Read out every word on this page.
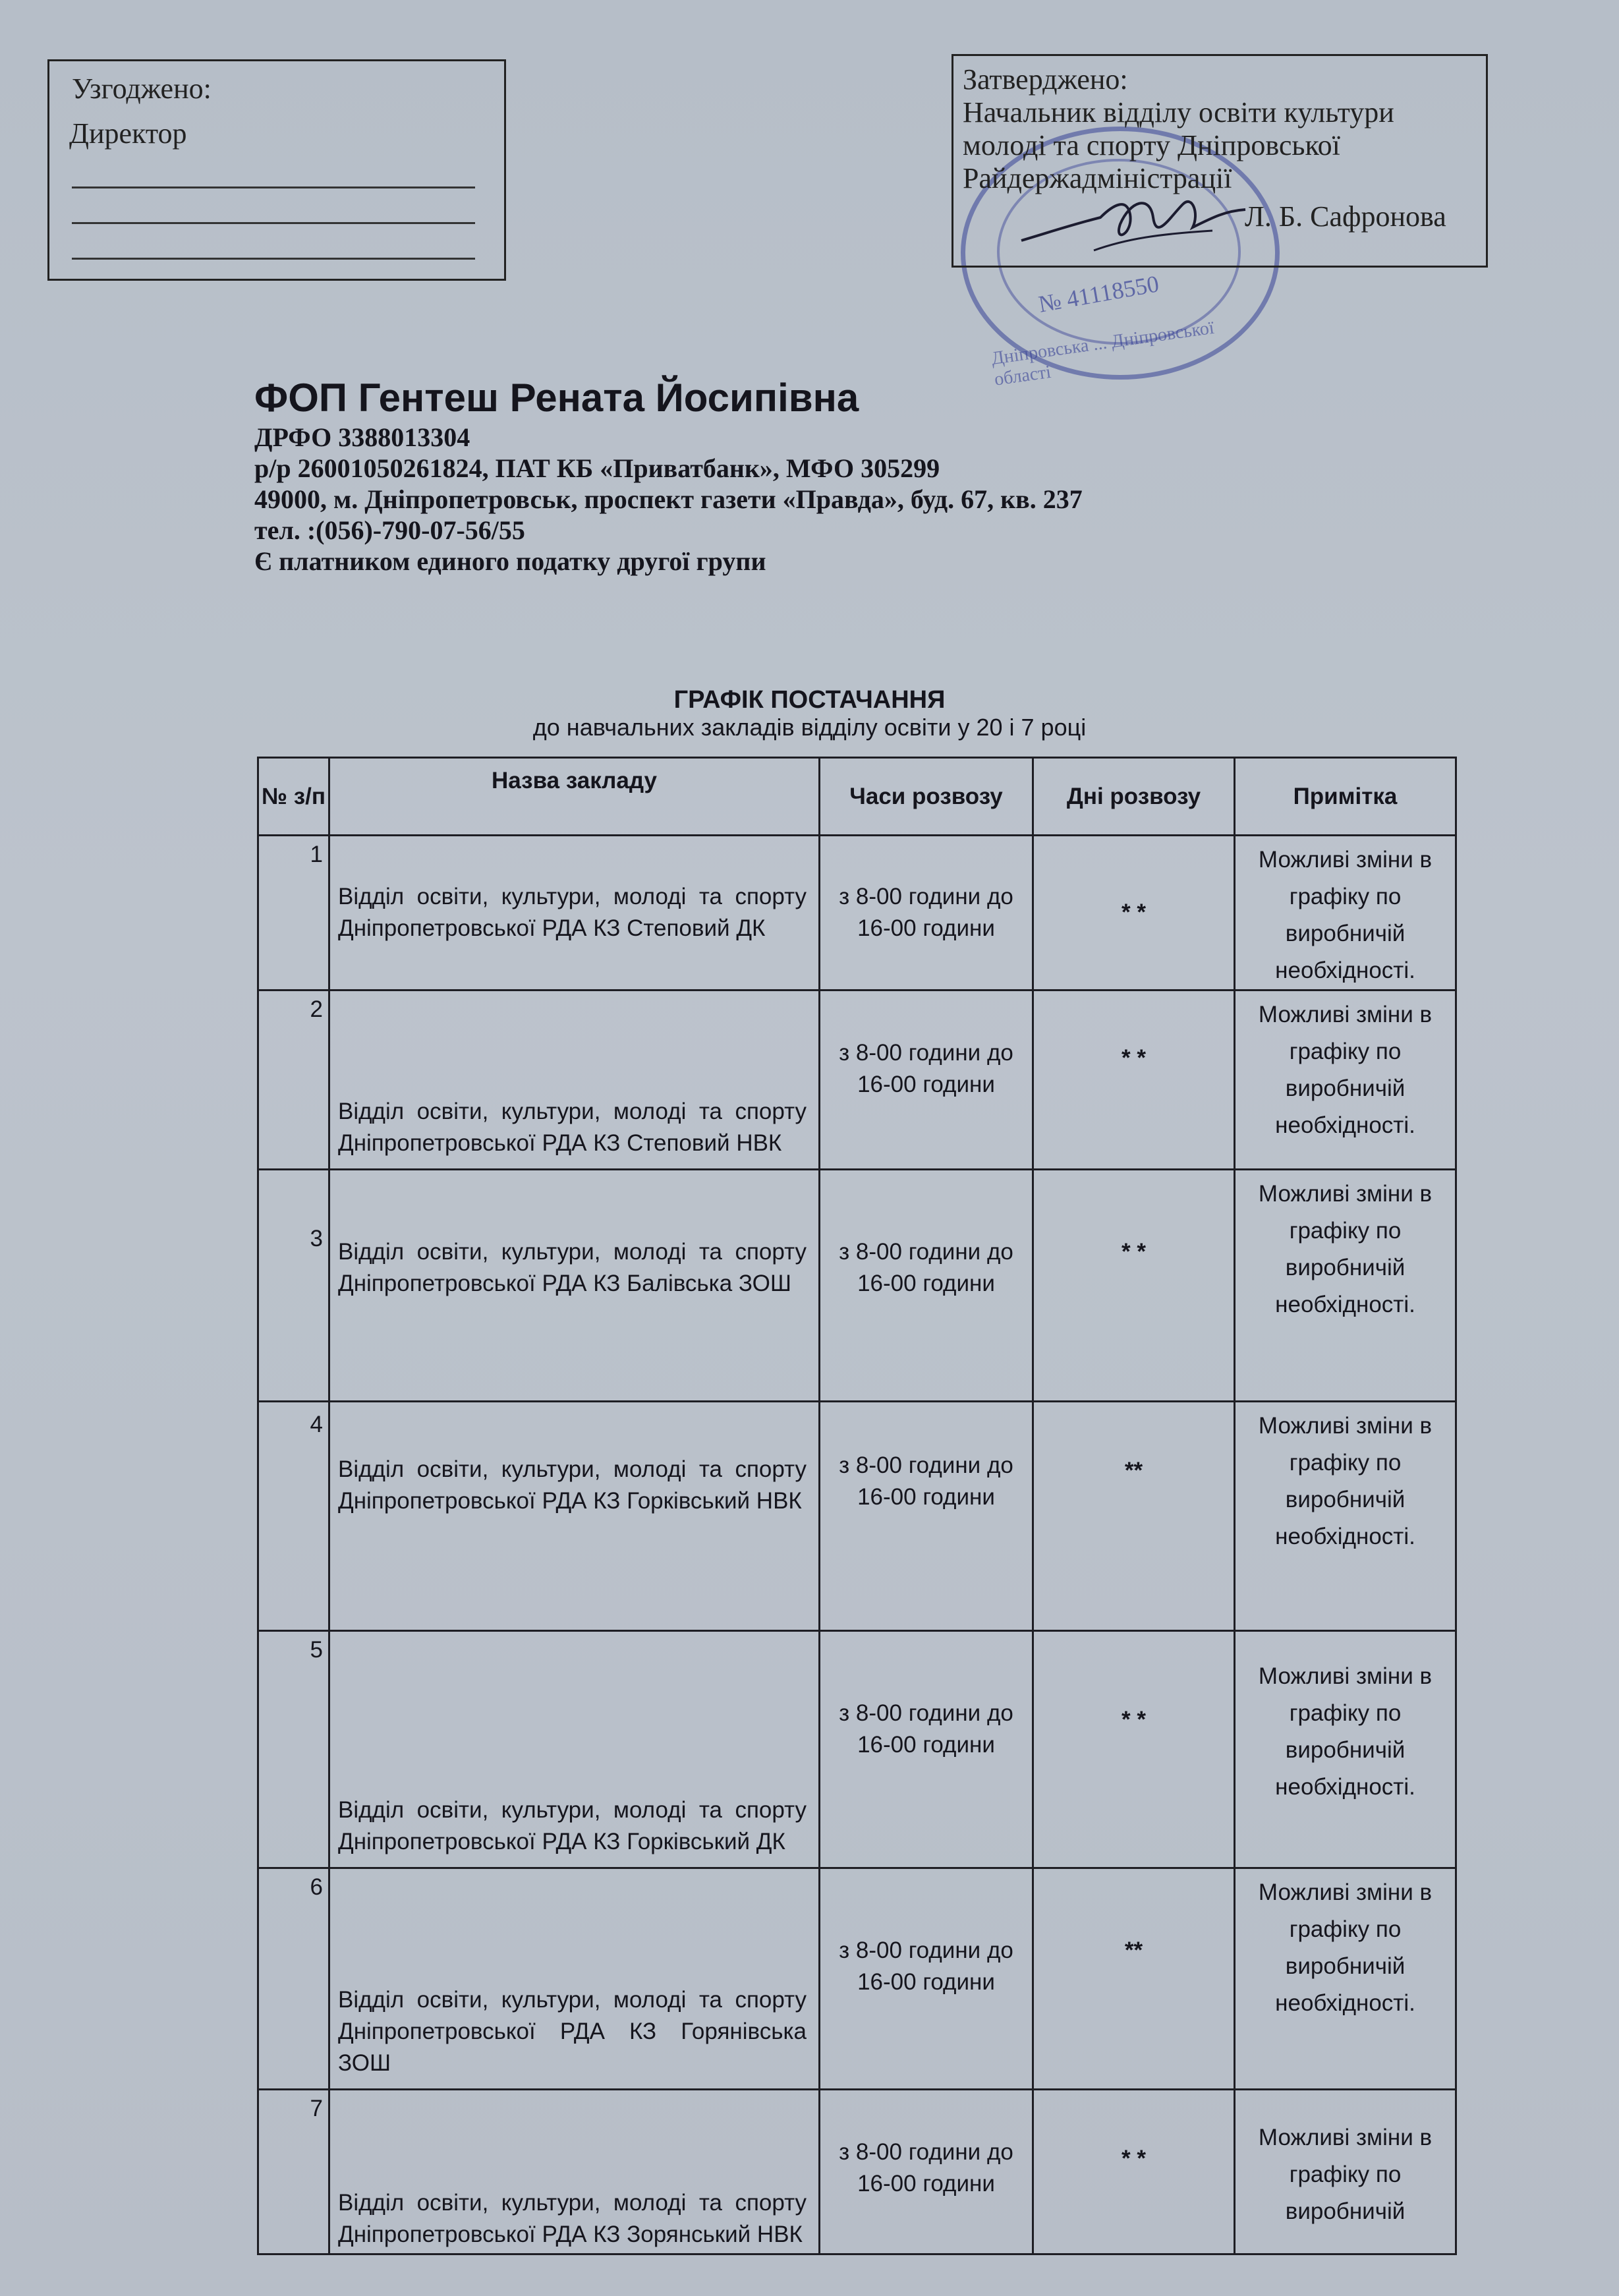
Узгоджено:
Директор
№ 41118550
Дніпровська ... Дніпровської області
Затверджено:
Начальник відділу освіти культури
молоді та спорту Дніпровської
Райдержадміністрації
Л. Б. Сафронова
ФОП Гентеш Рената Йосипівна
ДРФО 3388013304
р/р 26001050261824, ПАТ КБ «Приватбанк», МФО 305299
49000, м. Дніпропетровськ, проспект газети «Правда», буд. 67, кв. 237
тел. :(056)-790-07-56/55
Є платником единого податку другої групи
ГРАФІК ПОСТАЧАННЯ
до навчальних закладів відділу освіти у 20 і 7 році
№ з/п	Назва закладу	Часи розвозу	Дні розвозу	Примітка
1	Відділ освіти, культури, молоді та спорту Дніпропетровської РДА КЗ Степовий ДК	з 8-00 години до 16-00 години	* *	Можливі зміни в графіку по виробничій необхідності.
2	Відділ освіти, культури, молоді та спорту Дніпропетровської РДА КЗ Степовий НВК	з 8-00 години до 16-00 години	* *	Можливі зміни в графіку по виробничій необхідності.
3	Відділ освіти, культури, молоді та спорту Дніпропетровської РДА КЗ Балівська ЗОШ	з 8-00 години до 16-00 години	* *	Можливі зміни в графіку по виробничій необхідності.
4	Відділ освіти, культури, молоді та спорту Дніпропетровської РДА КЗ Горківський НВК	з 8-00 години до 16-00 години	**	Можливі зміни в графіку по виробничій необхідності.
5	Відділ освіти, культури, молоді та спорту Дніпропетровської РДА КЗ Горківський ДК	з 8-00 години до 16-00 години	* *	Можливі зміни в графіку по виробничій необхідності.
6	Відділ освіти, культури, молоді та спорту Дніпропетровської РДА КЗ Горянівська ЗОШ	з 8-00 години до 16-00 години	**	Можливі зміни в графіку по виробничій необхідності.
7	Відділ освіти, культури, молоді та спорту Дніпропетровської РДА КЗ Зорянський НВК	з 8-00 години до 16-00 години	* *	Можливі зміни в графіку по виробничій
